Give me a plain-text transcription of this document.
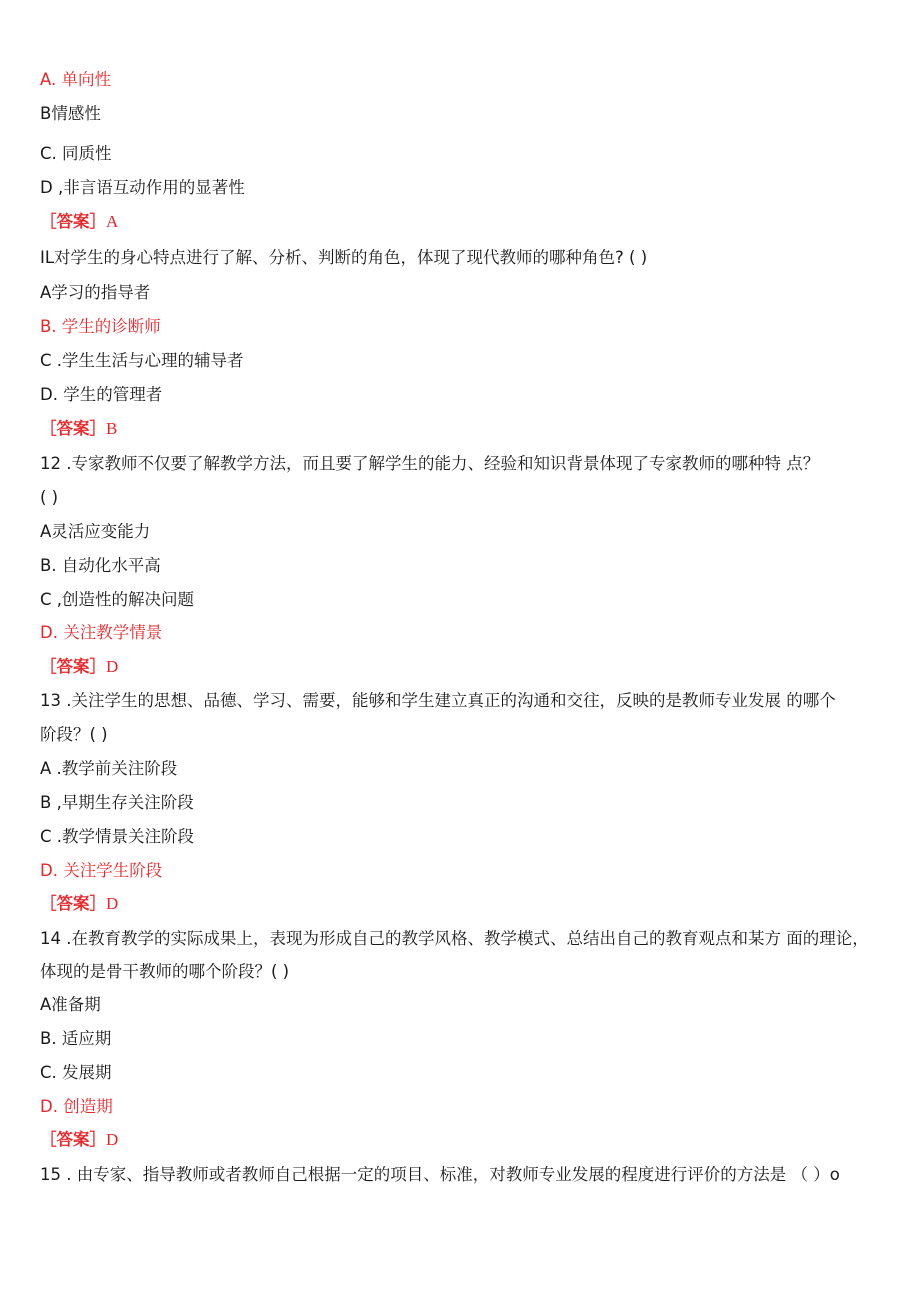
A. 单向性
B情感性
C. 同质性
D ,非言语互动作用的显著性
［答案］A
IL对学生的身心特点进行了解、分析、判断的角色，体现了现代教师的哪种角色? ( )
A学习的指导者
B. 学生的诊断师
C .学生生活与心理的辅导者
D. 学生的管理者
［答案］B
12 .专家教师不仅要了解教学方法，而且要了解学生的能力、经验和知识背景体现了专家教师的哪种特 点？
( )
A灵活应变能力
B. 自动化水平高
C ,创造性的解决问题
D. 关注教学情景
［答案］D
13 .关注学生的思想、品德、学习、需要，能够和学生建立真正的沟通和交往，反映的是教师专业发展 的哪个
阶段？( )
A .教学前关注阶段
B ,早期生存关注阶段
C .教学情景关注阶段
D. 关注学生阶段
［答案］D
14 .在教育教学的实际成果上，表现为形成自己的教学风格、教学模式、总结出自己的教育观点和某方 面的理论，
体现的是骨干教师的哪个阶段？( )
A准备期
B. 适应期
C. 发展期
D. 创造期
［答案］D
15 . 由专家、指导教师或者教师自己根据一定的项目、标准，对教师专业发展的程度进行评价的方法是 （ ）o
